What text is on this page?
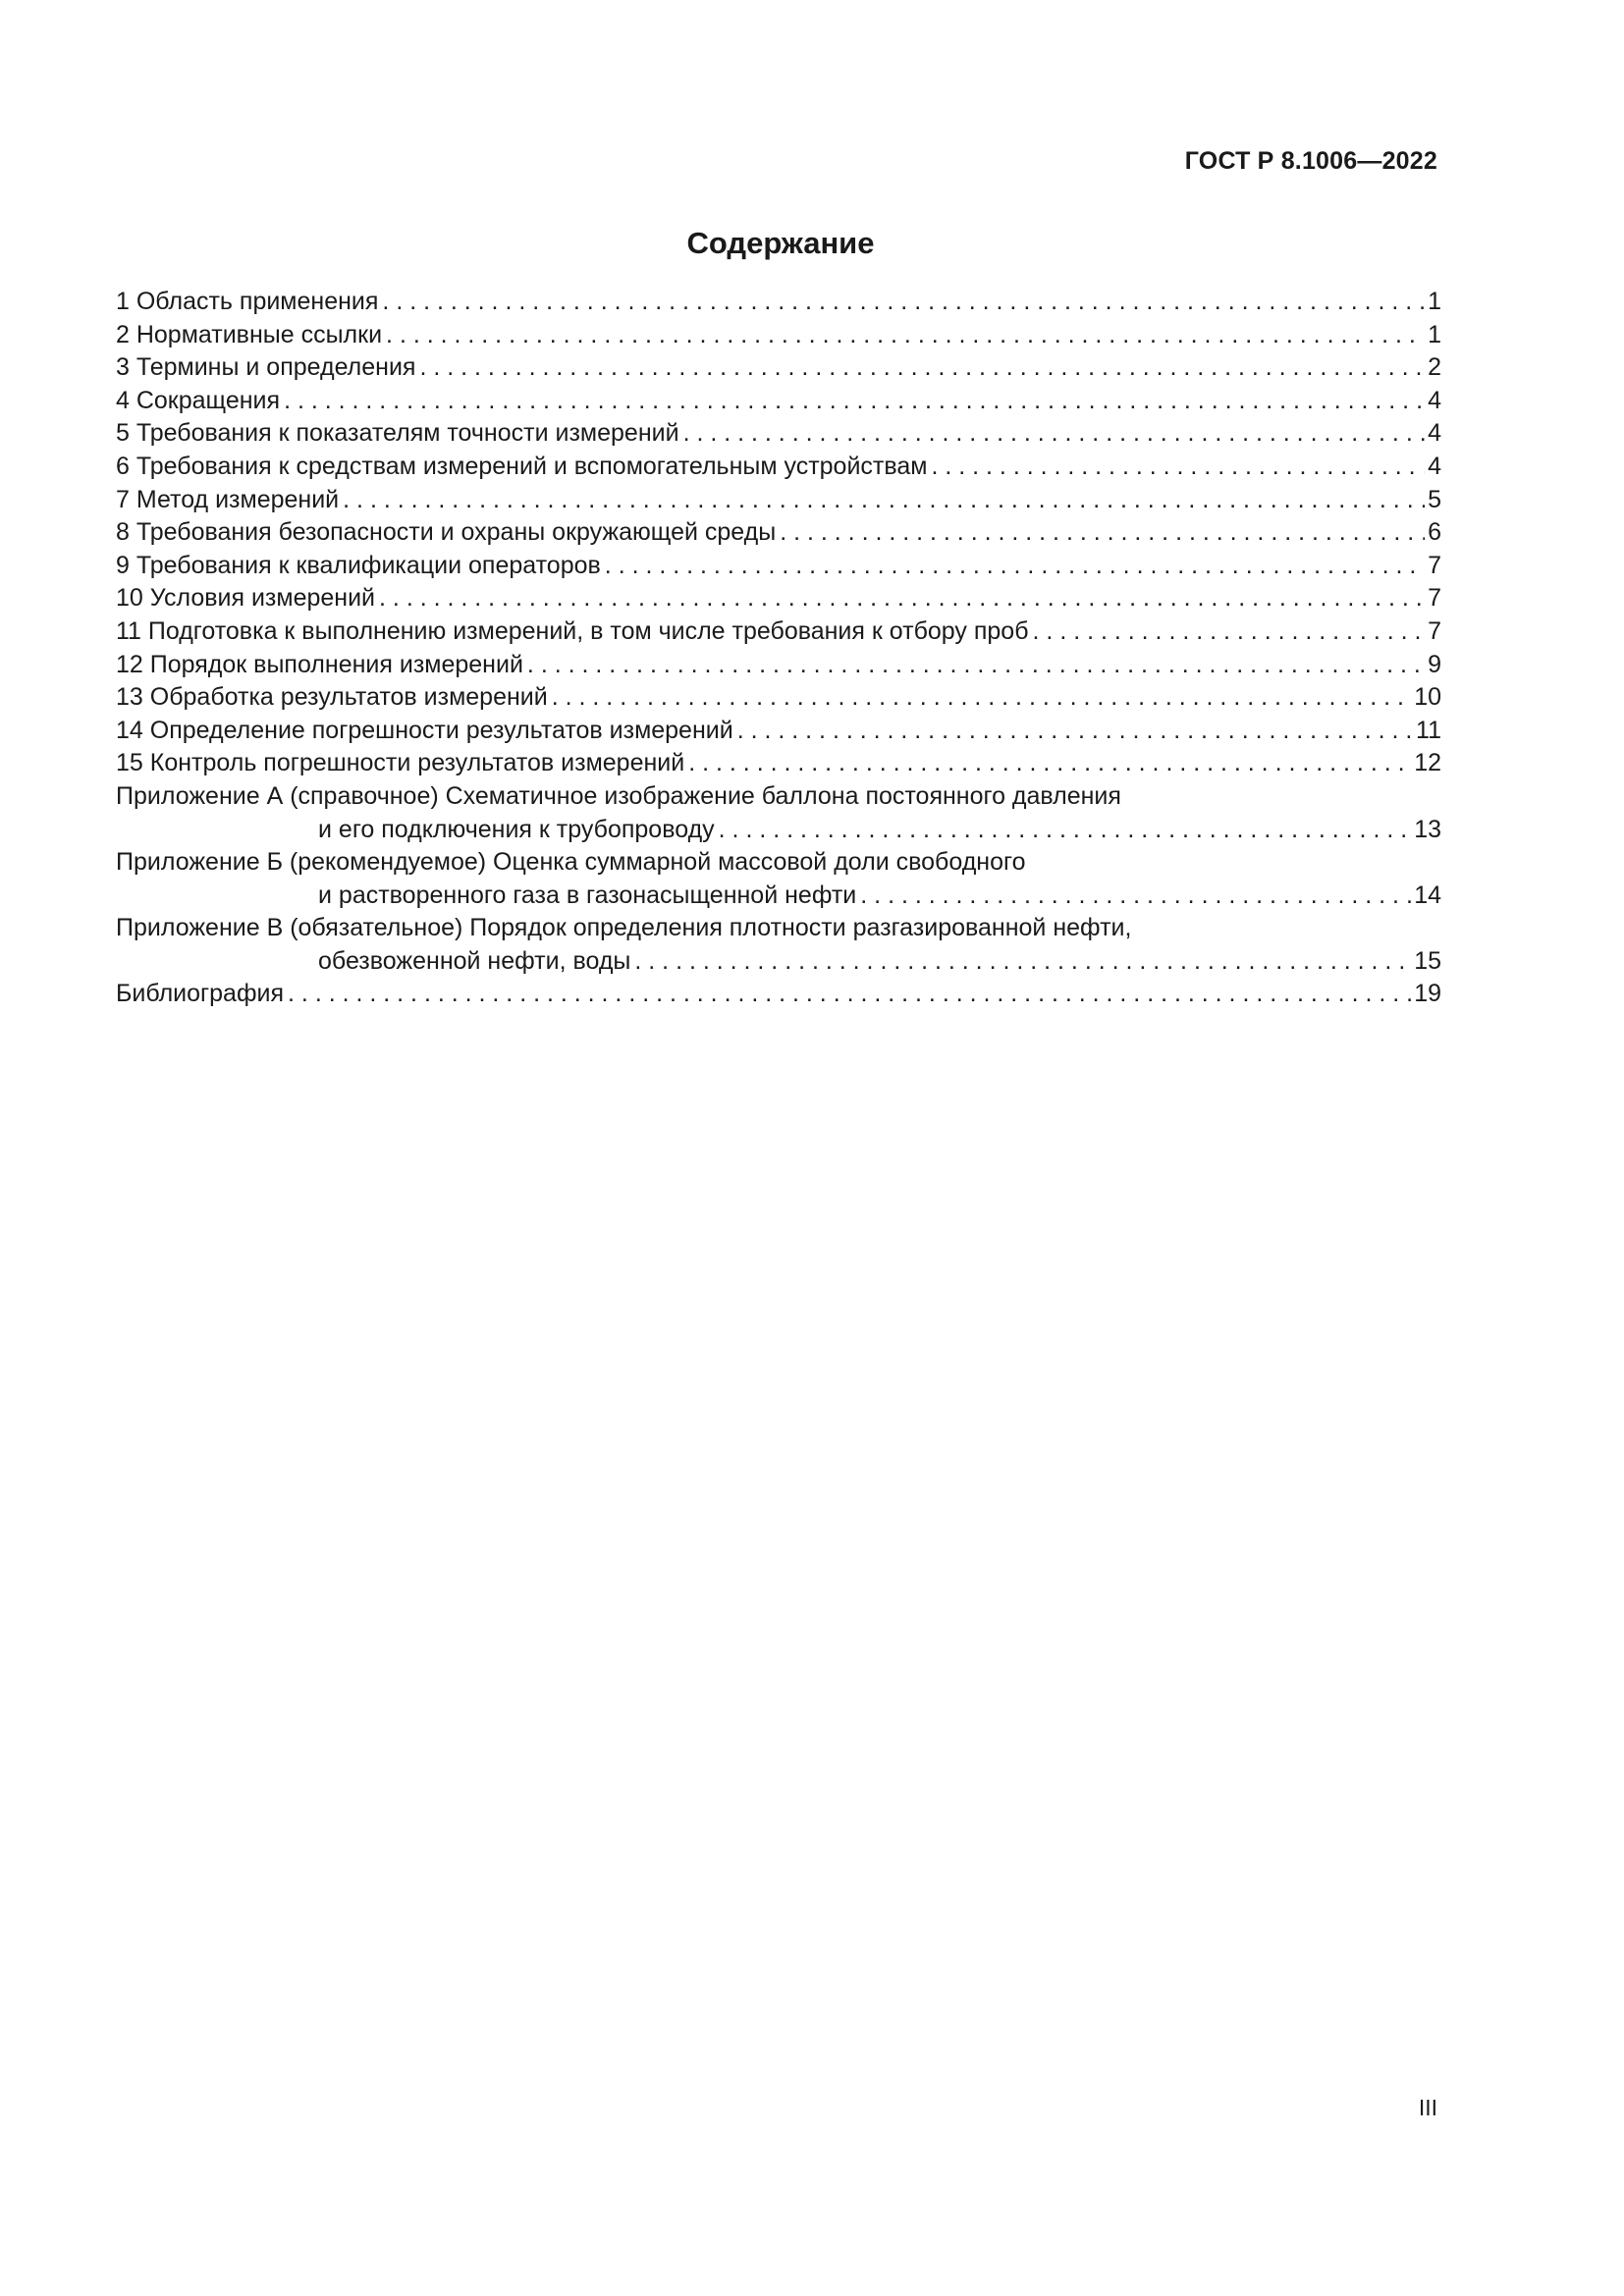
ГОСТ Р 8.1006—2022
Содержание
1 Область применения . . .	1
2 Нормативные ссылки . . .	1
3 Термины и определения . . .	2
4 Сокращения . . .	4
5 Требования к показателям точности измерений . . .	4
6 Требования к средствам измерений и вспомогательным устройствам . . .	4
7 Метод измерений . . .	5
8 Требования безопасности и охраны окружающей среды . . .	6
9 Требования к квалификации операторов . . .	7
10 Условия измерений . . .	7
11 Подготовка к выполнению измерений, в том числе требования к отбору проб . . .	7
12 Порядок выполнения измерений . . .	9
13 Обработка результатов измерений . . .	10
14 Определение погрешности результатов измерений . . .	11
15 Контроль погрешности результатов измерений . . .	12
Приложение А (справочное) Схематичное изображение баллона постоянного давления
и его подключения к трубопроводу . . .	13
Приложение Б (рекомендуемое) Оценка суммарной массовой доли свободного
и растворенного газа в газонасыщенной нефти . . .	14
Приложение В (обязательное) Порядок определения плотности разгазированной нефти,
обезвоженной нефти, воды . . .	15
Библиография . . .	19
III
